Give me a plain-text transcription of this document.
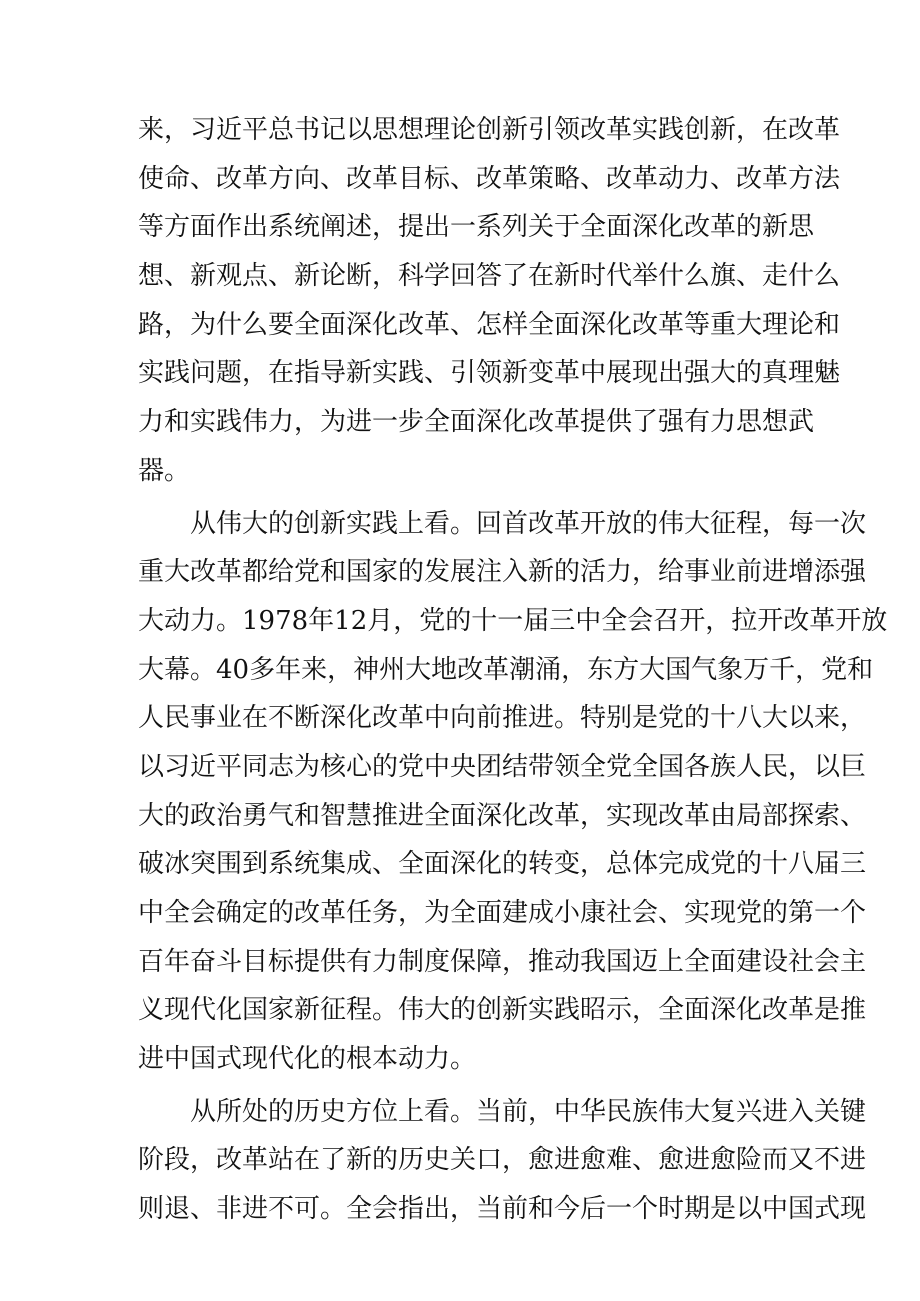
来，习近平总书记以思想理论创新引领改革实践创新，在改革
使命、改革方向、改革目标、改革策略、改革动力、改革方法
等方面作出系统阐述，提出一系列关于全面深化改革的新思
想、新观点、新论断，科学回答了在新时代举什么旗、走什么
路，为什么要全面深化改革、怎样全面深化改革等重大理论和
实践问题，在指导新实践、引领新变革中展现出强大的真理魅
力和实践伟力，为进一步全面深化改革提供了强有力思想武
器。
　　从伟大的创新实践上看。回首改革开放的伟大征程，每一次
重大改革都给党和国家的发展注入新的活力，给事业前进增添强
大动力。1978年12月，党的十一届三中全会召开，拉开改革开放
大幕。40多年来，神州大地改革潮涌，东方大国气象万千，党和
人民事业在不断深化改革中向前推进。特别是党的十八大以来，
以习近平同志为核心的党中央团结带领全党全国各族人民，以巨
大的政治勇气和智慧推进全面深化改革，实现改革由局部探索、
破冰突围到系统集成、全面深化的转变，总体完成党的十八届三
中全会确定的改革任务，为全面建成小康社会、实现党的第一个
百年奋斗目标提供有力制度保障，推动我国迈上全面建设社会主
义现代化国家新征程。伟大的创新实践昭示，全面深化改革是推
进中国式现代化的根本动力。
　　从所处的历史方位上看。当前，中华民族伟大复兴进入关键
阶段，改革站在了新的历史关口，愈进愈难、愈进愈险而又不进
则退、非进不可。全会指出，当前和今后一个时期是以中国式现
